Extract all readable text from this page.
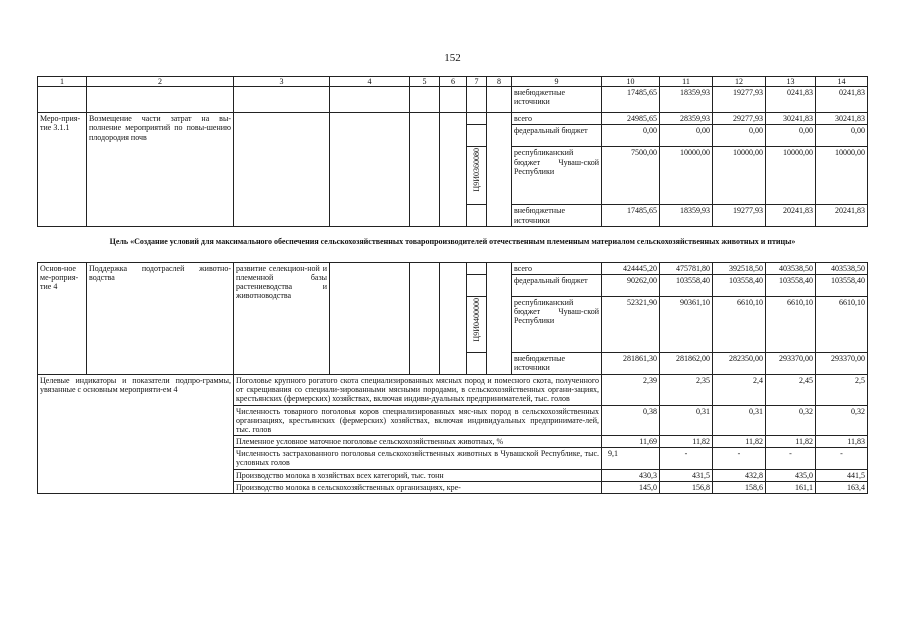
152
1	2	3	4	5	6	7	8	9	10	11	12	13	14
								внебюджетные источники	17485,65	18359,93	19277,93	0241,83	0241,83
Меро-прия-тие 3.1.1	Возмещение части затрат на вы-полнение мероприятий по повы-шению плодородия почв							всего	24985,65	28359,93	29277,93	30241,83	30241,83
								федеральный бюджет	0,00	0,00	0,00	0,00	0,00
						Ц9И0360080		республиканский бюджет Чуваш-ской Республики	7500,00	10000,00	10000,00	10000,00	10000,00
								внебюджетные источники	17485,65	18359,93	19277,93	20241,83	20241,83
Цель «Создание условий для максимального обеспечения сельскохозяйственных товаропроизводителей отечественным племенным материалом сельскохозяйственных животных и птицы»													
Основ-ное ме-роприя-тие 4	Поддержка подотраслей животно-водства	развитие селекцион-ной и племенной базы растениеводства и животноводства						всего	424445,20	475781,80	392518,50	403538,50	403538,50
								федеральный бюджет	90262,00	103558,40	103558,40	103558,40	103558,40
						Ц9И0400000		республиканский бюджет Чуваш-ской Республики	52321,90	90361,10	6610,10	6610,10	6610,10
								внебюджетные источники	281861,30	281862,00	282350,00	293370,00	293370,00
Целевые индикаторы и показатели подпро-граммы, увязанные с основным мероприяти-ем 4		Поголовье крупного рогатого скота специализированных мясных пород и помесного скота, полученного от скрещивания со специали-зированными мясными породами, в сельскохозяйственных органи-зациях, крестьянских (фермерских) хозяйствах, включая индиви-дуальных предпринимателей, тыс. голов							2,39	2,35	2,4	2,45	2,5
		Численность товарного поголовья коров специализированных мяс-ных пород в сельскохозяйственных организациях, крестьянских (фермерских) хозяйствах, включая индивидуальных предпринимате-лей, тыс. голов							0,38	0,31	0,31	0,32	0,32
		Племенное условное маточное поголовье сельскохозяйственных животных, %							11,69	11,82	11,82	11,82	11,83
		Численность застрахованного поголовья сельскохозяйственных животных в Чувашской Республике, тыс. условных голов							9,1	-	-	-	-
		Производство молока в хозяйствах всех категорий, тыс. тонн							430,3	431,5	432,8	435,0	441,5
		Производство молока в сельскохозяйственных организациях, кре-							145,0	156,8	158,6	161,1	163,4
